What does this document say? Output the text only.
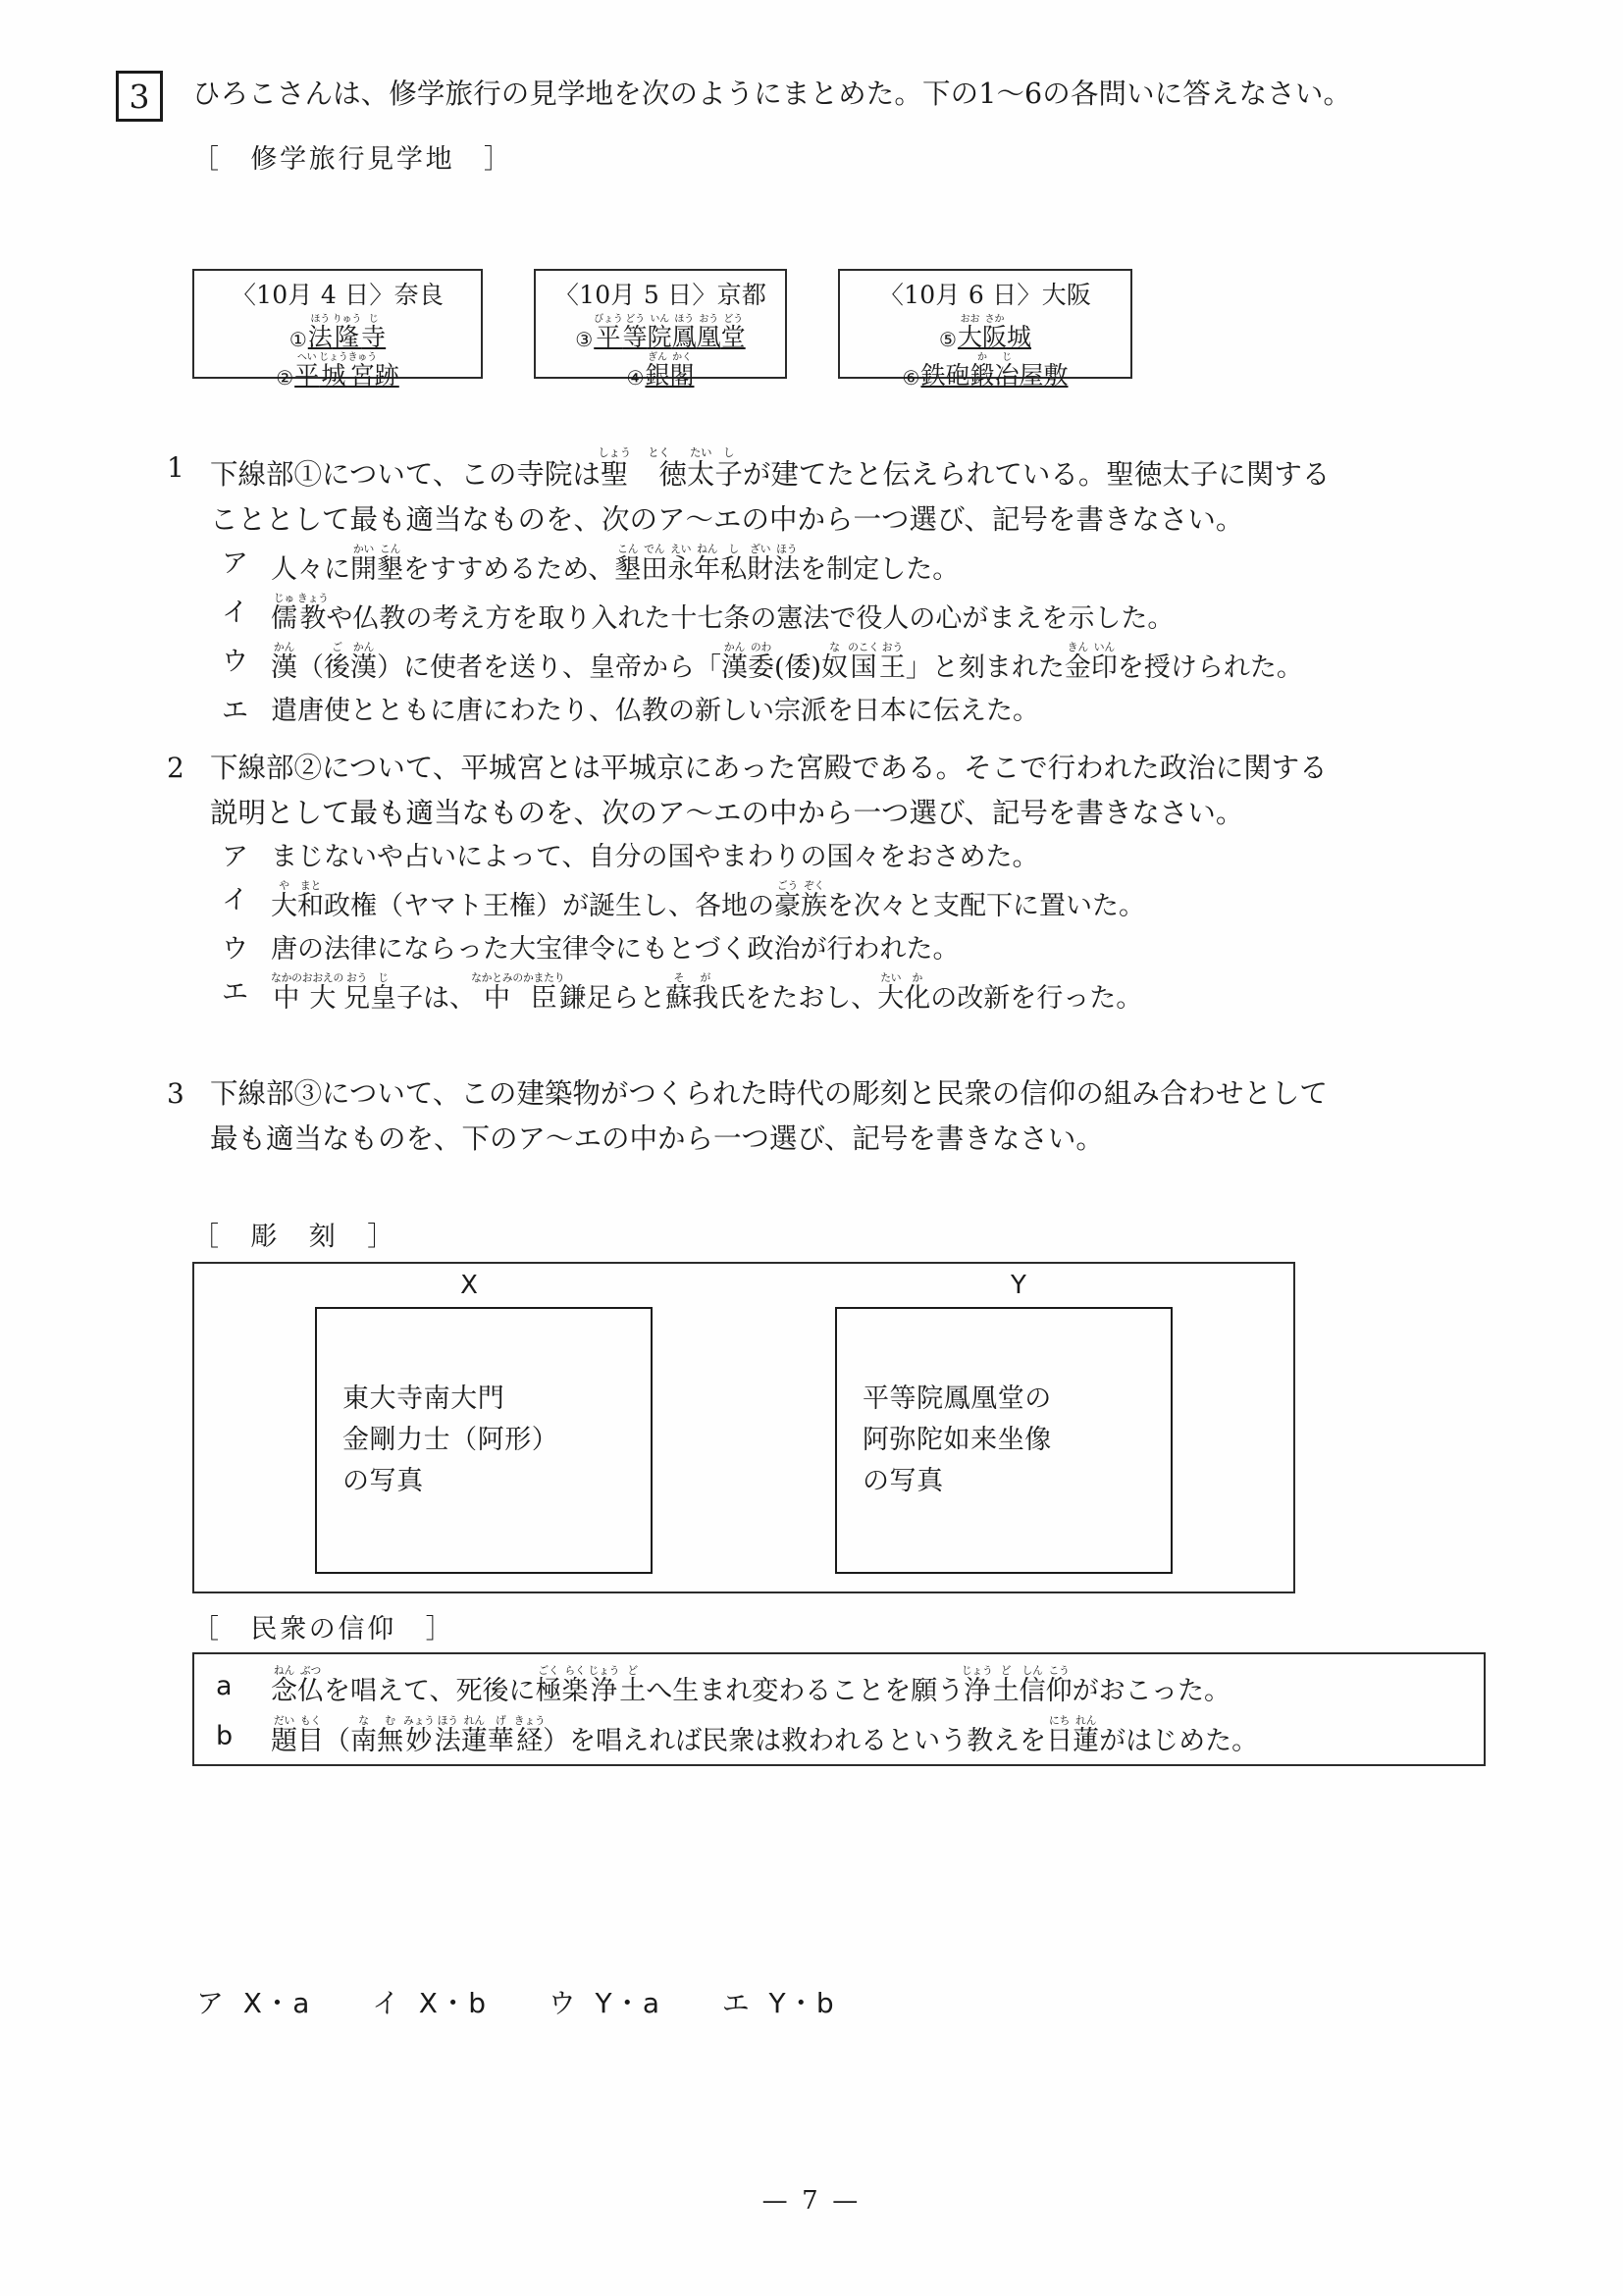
3	ひろこさんは、修学旅行の見学地を次のようにまとめた。下の1～6の各問いに答えなさい。
［　修学旅行見学地　］
〈10月 4 日〉奈良
① 法ほう隆りゅう寺じ
② 平へい城じょう宮きゅう跡
〈10月 5 日〉京都
③ 平びょう等どう院いん鳳ほう凰おう堂どう
④ 銀ぎん閣かく
〈10月 6 日〉大阪
⑤ 大おお阪さか城
⑥ 鉄砲鍛か冶じ屋敷
1 下線部①について、この寺院は聖しょう　徳とく太たい子しが建てたと伝えられている。聖徳太子に関する
こととして最も適当なものを、次のア～エの中から一つ選び、記号を書きなさい。
ア 人々に開かい墾こんをすすめるため、墾こん田でん永えい年ねん私し財ざい法ほうを制定した。
イ 儒じゅ教きょうや仏教の考え方を取り入れた十七条の憲法で役人の心がまえを示した。
ウ 漢かん（後ご漢かん）に使者を送り、皇帝から「漢かん委のわ(倭)奴な国のこく王おう」と刻まれた金きん印いんを授けられた。
エ 遣唐使とともに唐にわたり、仏教の新しい宗派を日本に伝えた。
2 下線部②について、平城宮とは平城京にあった宮殿である。そこで行われた政治に関する
説明として最も適当なものを、次のア～エの中から一つ選び、記号を書きなさい。
ア まじないや占いによって、自分の国やまわりの国々をおさめた。
イ 大や和まと政権（ヤマト王権）が誕生し、各地の豪ごう族ぞくを次々と支配下に置いた。
ウ 唐の法律にならった大宝律令にもとづく政治が行われた。
エ 中なかの大おおえの兄おう皇じ子は、中なかとみの臣かまたり鎌足らと蘇そ我が氏をたおし、大たい化かの改新を行った。
3 下線部③について、この建築物がつくられた時代の彫刻と民衆の信仰の組み合わせとして
最も適当なものを、下のア～エの中から一つ選び、記号を書きなさい。
［　彫　刻　］
X	Y
東大寺南大門
金剛力士（阿形）
の写真
平等院鳳凰堂の
阿弥陀如来坐像
の写真
［　民衆の信仰　］
a	念ねん仏ぶつを唱えて、死後に極ごく楽らく浄じょう土どへ生まれ変わることを願う浄じょう土ど信しん仰こうがおこった。
b	題だい目もく（南な無む妙みょう法ほう蓮れん華げ経きょう）を唱えれば民衆は救われるという教えを日にち蓮れんがはじめた。
ア X・a イ X・b ウ Y・a エ Y・b
— 7 —
